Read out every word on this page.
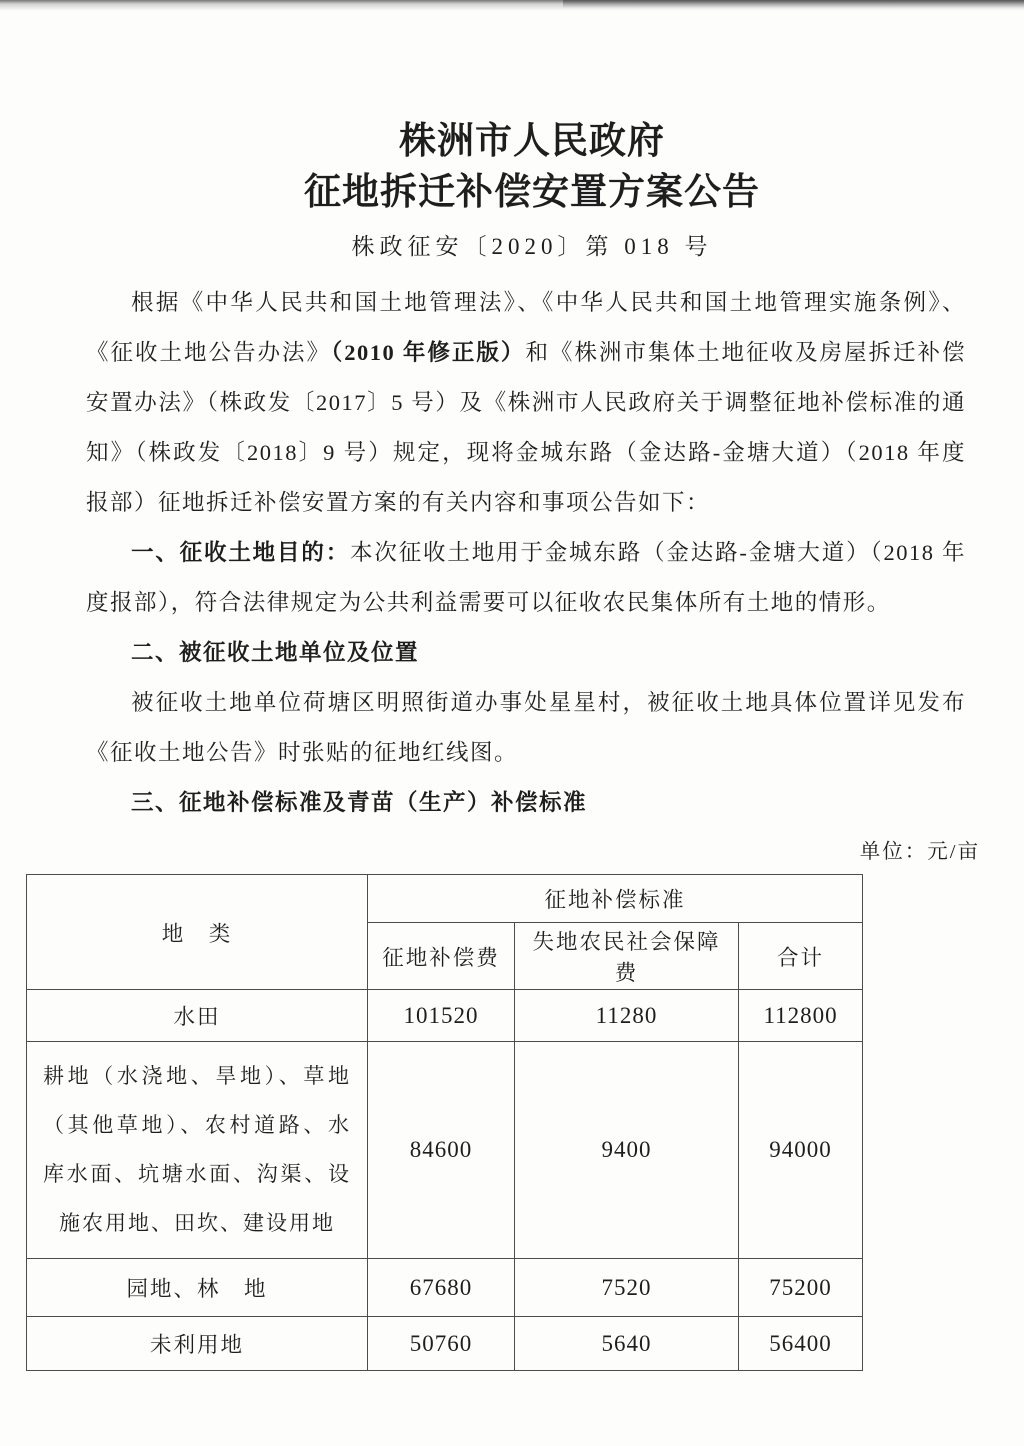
株洲市人民政府
征地拆迁补偿安置方案公告
株政征安〔2020〕第 018 号

根据《中华人民共和国土地管理法》、《中华人民共和国土地管理实施条例》、《征收土地公告办法》（2010 年修正版）和《株洲市集体土地征收及房屋拆迁补偿安置办法》（株政发〔2017〕5 号）及《株洲市人民政府关于调整征地补偿标准的通知》（株政发〔2018〕9 号）规定，现将金城东路（金达路-金塘大道）（2018 年度报部）征地拆迁补偿安置方案的有关内容和事项公告如下：

一、征收土地目的：本次征收土地用于金城东路（金达路-金塘大道）（2018 年度报部），符合法律规定为公共利益需要可以征收农民集体所有土地的情形。

二、被征收土地单位及位置

被征收土地单位荷塘区明照街道办事处星星村，被征收土地具体位置详见发布《征收土地公告》时张贴的征地红线图。

三、征地补偿标准及青苗（生产）补偿标准

单位：元/亩
地　类	征地补偿标准		
	征地补偿费	失地农民社会保障费	合计
水田	101520	11280	112800
耕地（水浇地、旱地）、草地（其他草地）、农村道路、水库水面、坑塘水面、沟渠、设施农用地、田坎、建设用地	84600	9400	94000
园地、林　地	67680	7520	75200
未利用地	50760	5640	56400
